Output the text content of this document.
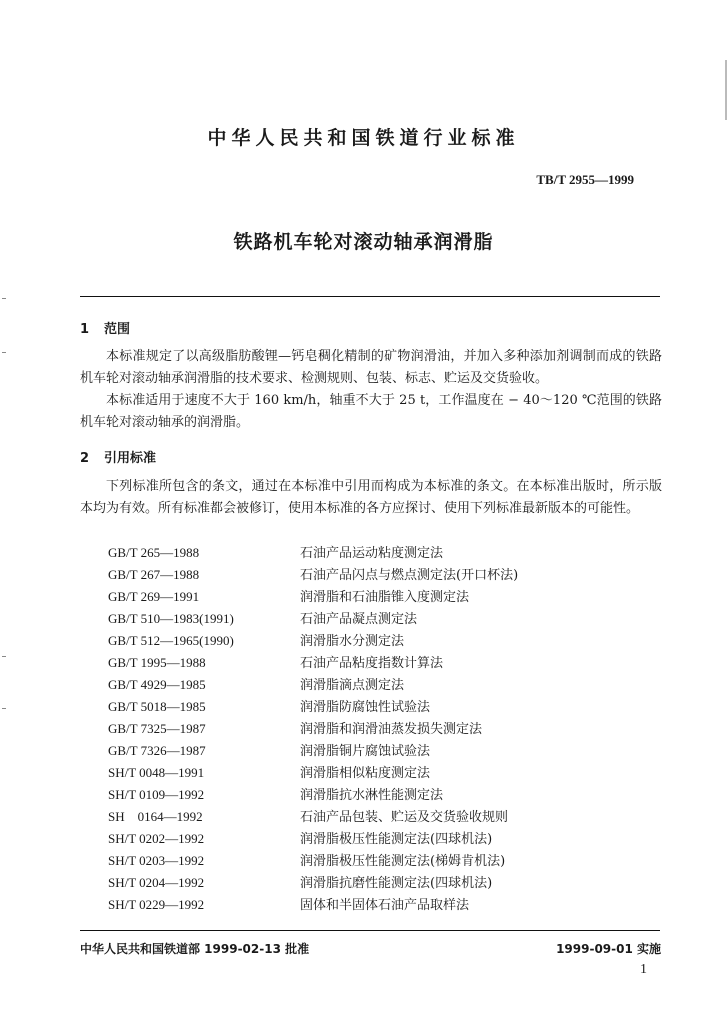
中华人民共和国铁道行业标准
TB/T 2955—1999
铁路机车轮对滚动轴承润滑脂
1 范围
本标准规定了以高级脂肪酸锂—钙皂稠化精制的矿物润滑油，并加入多种添加剂调制而成的铁路机车轮对滚动轴承润滑脂的技术要求、检测规则、包装、标志、贮运及交货验收。
本标准适用于速度不大于 160 km/h，轴重不大于 25 t，工作温度在 − 40～120 ℃范围的铁路机车轮对滚动轴承的润滑脂。
2 引用标准
下列标准所包含的条文，通过在本标准中引用而构成为本标准的条文。在本标准出版时，所示版本均为有效。所有标准都会被修订，使用本标准的各方应探讨、使用下列标准最新版本的可能性。
GB/T 265—1988	石油产品运动粘度测定法
GB/T 267—1988	石油产品闪点与燃点测定法(开口杯法)
GB/T 269—1991	润滑脂和石油脂锥入度测定法
GB/T 510—1983(1991)	石油产品凝点测定法
GB/T 512—1965(1990)	润滑脂水分测定法
GB/T 1995—1988	石油产品粘度指数计算法
GB/T 4929—1985	润滑脂滴点测定法
GB/T 5018—1985	润滑脂防腐蚀性试验法
GB/T 7325—1987	润滑脂和润滑油蒸发损失测定法
GB/T 7326—1987	润滑脂铜片腐蚀试验法
SH/T 0048—1991	润滑脂相似粘度测定法
SH/T 0109—1992	润滑脂抗水淋性能测定法
SH　0164—1992	石油产品包装、贮运及交货验收规则
SH/T 0202—1992	润滑脂极压性能测定法(四球机法)
SH/T 0203—1992	润滑脂极压性能测定法(梯姆肯机法)
SH/T 0204—1992	润滑脂抗磨性能测定法(四球机法)
SH/T 0229—1992	固体和半固体石油产品取样法
中华人民共和国铁道部 1999-02-13 批准	1999-09-01 实施
1
